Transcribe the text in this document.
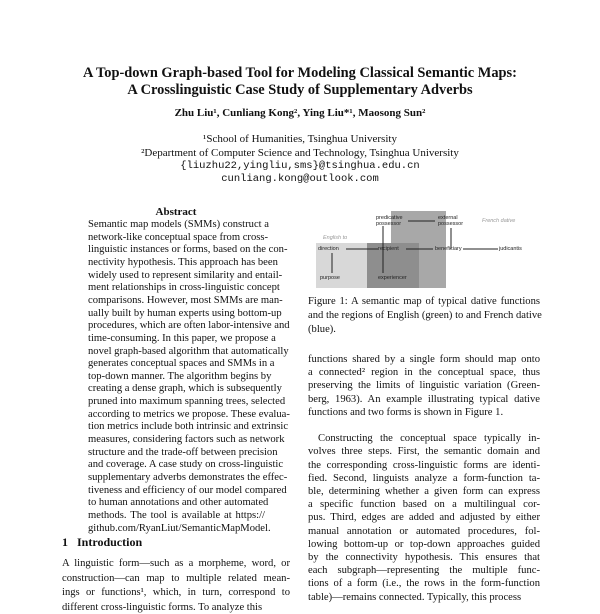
A Top-down Graph-based Tool for Modeling Classical Semantic Maps:
A Crosslinguistic Case Study of Supplementary Adverbs
Zhu Liu¹, Cunliang Kong², Ying Liu*¹, Maosong Sun²
¹School of Humanities, Tsinghua University
²Department of Computer Science and Technology, Tsinghua University
{liuzhu22,yingliu,sms}@tsinghua.edu.cn
cunliang.kong@outlook.com
Abstract
Semantic map models (SMMs) construct a
network-like conceptual space from cross-
linguistic instances or forms, based on the con-
nectivity hypothesis. This approach has been
widely used to represent similarity and entail-
ment relationships in cross-linguistic concept
comparisons. However, most SMMs are man-
ually built by human experts using bottom-up
procedures, which are often labor-intensive and
time-consuming. In this paper, we propose a
novel graph-based algorithm that automatically
generates conceptual spaces and SMMs in a
top-down manner. The algorithm begins by
creating a dense graph, which is subsequently
pruned into maximum spanning trees, selected
according to metrics we propose. These evalua-
tion metrics include both intrinsic and extrinsic
measures, considering factors such as network
structure and the trade-off between precision
and coverage. A case study on cross-linguistic
supplementary adverbs demonstrates the effec-
tiveness and efficiency of our model compared
to human annotations and other automated
methods. The tool is available at https://
github.com/RyanLiut/SemanticMapModel.
1 Introduction
A linguistic form—such as a morpheme, word, or
construction—can map to multiple related mean-
ings or functions¹, which, in turn, correspond to
different cross-linguistic forms. To analyze this
English to
French dative
predicative possessor
external possessor
direction	recipient	beneficiary	judicantis
purpose	experiencer
Figure 1: A semantic map of typical dative functions
and the regions of English (green) to and French dative
(blue).
functions shared by a single form should map onto
a connected² region in the conceptual space, thus
preserving the limits of linguistic variation (Green-
berg, 1963). An example illustrating typical dative
functions and two forms is shown in Figure 1.
Constructing the conceptual space typically in-
volves three steps. First, the semantic domain and
the corresponding cross-linguistic forms are identi-
fied. Second, linguists analyze a form-function ta-
ble, determining whether a given form can express
a specific function based on a multilingual cor-
pus. Third, edges are added and adjusted by either
manual annotation or automated procedures, fol-
lowing bottom-up or top-down approaches guided
by the connectivity hypothesis. This ensures that
each subgraph—representing the multiple func-
tions of a form (i.e., the rows in the form-function
table)—remains connected. Typically, this process
